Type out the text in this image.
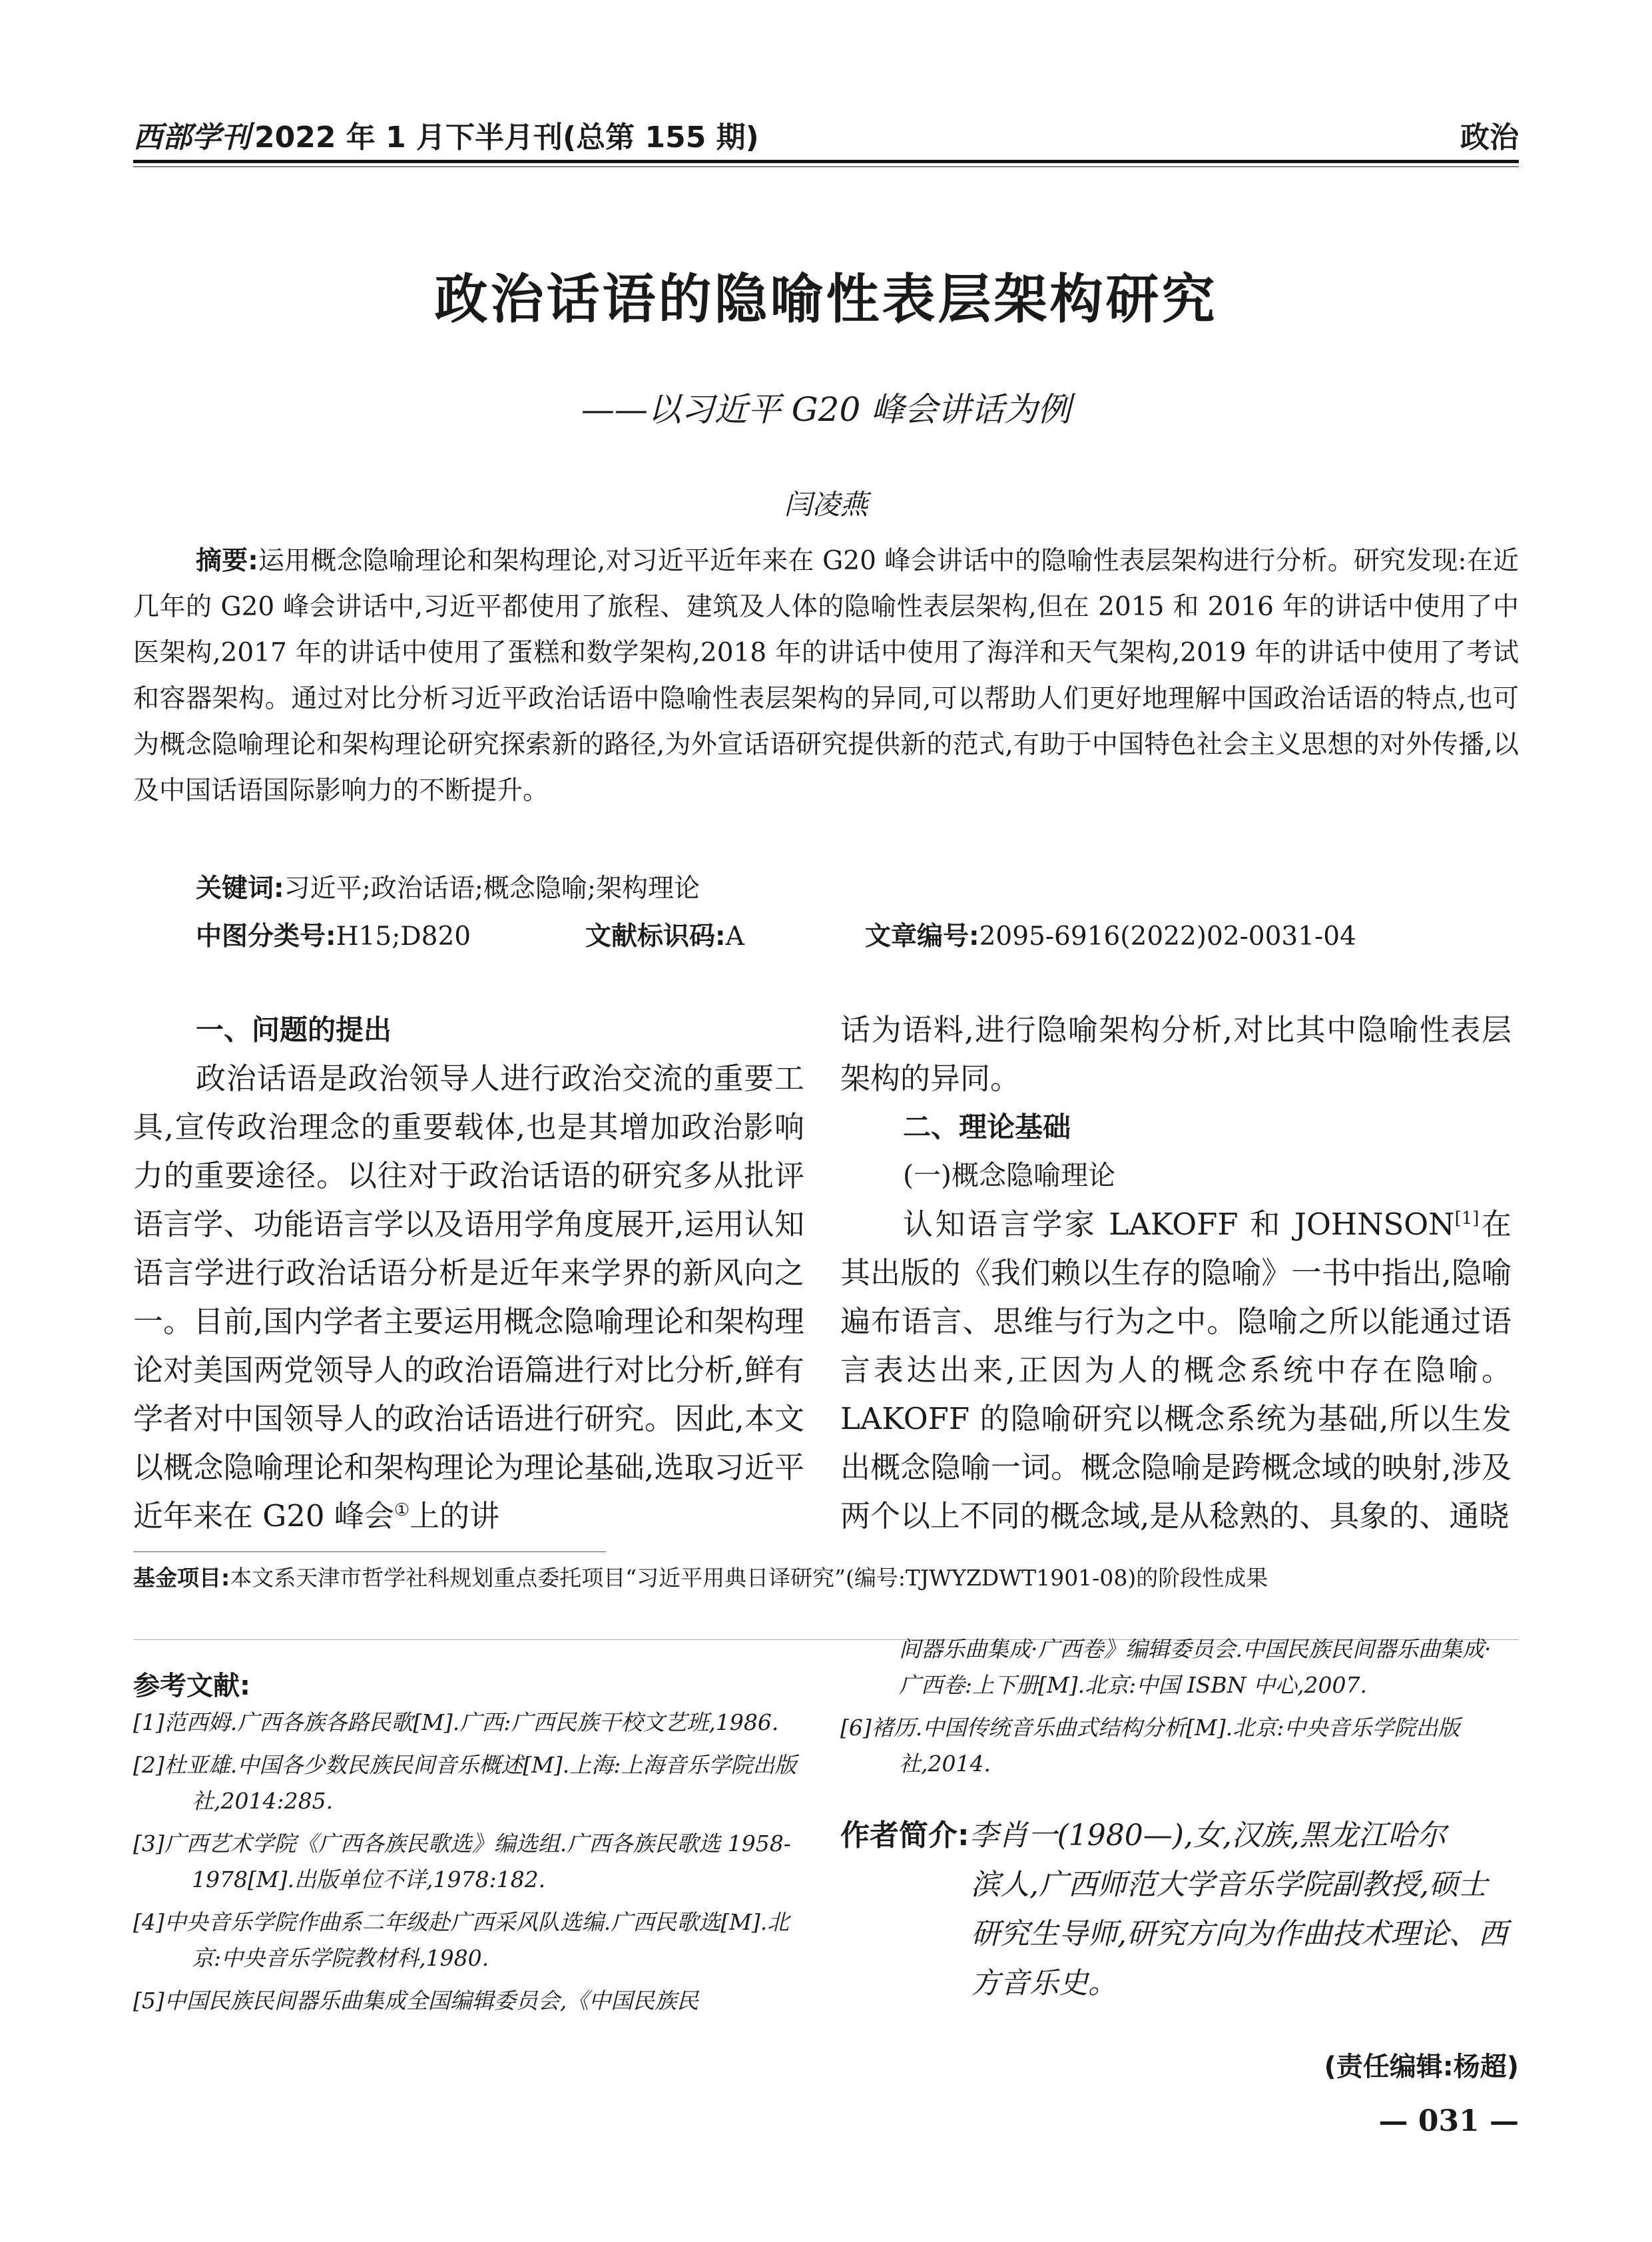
西部学刊 2022 年 1 月下半月刊(总第 155 期)	政治
政治话语的隐喻性表层架构研究
——以习近平 G20 峰会讲话为例
闫凌燕
摘要:运用概念隐喻理论和架构理论,对习近平近年来在 G20 峰会讲话中的隐喻性表层架构进行分析。研究发现:在近几年的 G20 峰会讲话中,习近平都使用了旅程、建筑及人体的隐喻性表层架构,但在 2015 和 2016 年的讲话中使用了中医架构,2017 年的讲话中使用了蛋糕和数学架构,2018 年的讲话中使用了海洋和天气架构,2019 年的讲话中使用了考试和容器架构。通过对比分析习近平政治话语中隐喻性表层架构的异同,可以帮助人们更好地理解中国政治话语的特点,也可为概念隐喻理论和架构理论研究探索新的路径,为外宣话语研究提供新的范式,有助于中国特色社会主义思想的对外传播,以及中国话语国际影响力的不断提升。
关键词:习近平;政治话语;概念隐喻;架构理论
中图分类号:H15;D820	文献标识码:A	文章编号:2095-6916(2022)02-0031-04

一、问题的提出

政治话语是政治领导人进行政治交流的重要工具,宣传政治理念的重要载体,也是其增加政治影响力的重要途径。以往对于政治话语的研究多从批评语言学、功能语言学以及语用学角度展开,运用认知语言学进行政治话语分析是近年来学界的新风向之一。目前,国内学者主要运用概念隐喻理论和架构理论对美国两党领导人的政治语篇进行对比分析,鲜有学者对中国领导人的政治话语进行研究。因此,本文以概念隐喻理论和架构理论为理论基础,选取习近平近年来在 G20 峰会①上的讲

话为语料,进行隐喻架构分析,对比其中隐喻性表层架构的异同。

二、理论基础

(一)概念隐喻理论

认知语言学家 LAKOFF 和 JOHNSON[1]在其出版的《我们赖以生存的隐喻》一书中指出,隐喻遍布语言、思维与行为之中。隐喻之所以能通过语言表达出来,正因为人的概念系统中存在隐喻。LAKOFF 的隐喻研究以概念系统为基础,所以生发出概念隐喻一词。概念隐喻是跨概念域的映射,涉及两个以上不同的概念域,是从稔熟的、具象的、通晓

基金项目:本文系天津市哲学社科规划重点委托项目“习近平用典日译研究”(编号:TJWYZDWT1901-08)的阶段性成果
参考文献:

[1]范西姆.广西各族各路民歌[M].广西:广西民族干校文艺班,1986.

[2]杜亚雄.中国各少数民族民间音乐概述[M].上海:上海音乐学院出版社,2014:285.

[3]广西艺术学院《广西各族民歌选》编选组.广西各族民歌选 1958-1978[M].出版单位不详,1978:182.

[4]中央音乐学院作曲系二年级赴广西采风队选编.广西民歌选[M].北京:中央音乐学院教材科,1980.

[5]中国民族民间器乐曲集成全国编辑委员会,《中国民族民

间器乐曲集成·广西卷》编辑委员会.中国民族民间器乐曲集成·广西卷:上下册[M].北京:中国 ISBN 中心,2007.

[6]褚历.中国传统音乐曲式结构分析[M].北京:中央音乐学院出版社,2014.

作者简介:李肖一(1980—),女,汉族,黑龙江哈尔
滨人,广西师范大学音乐学院副教授,硕士研究生导师,研究方向为作曲技术理论、西方音乐史。
(责任编辑:杨超)
— 031 —
